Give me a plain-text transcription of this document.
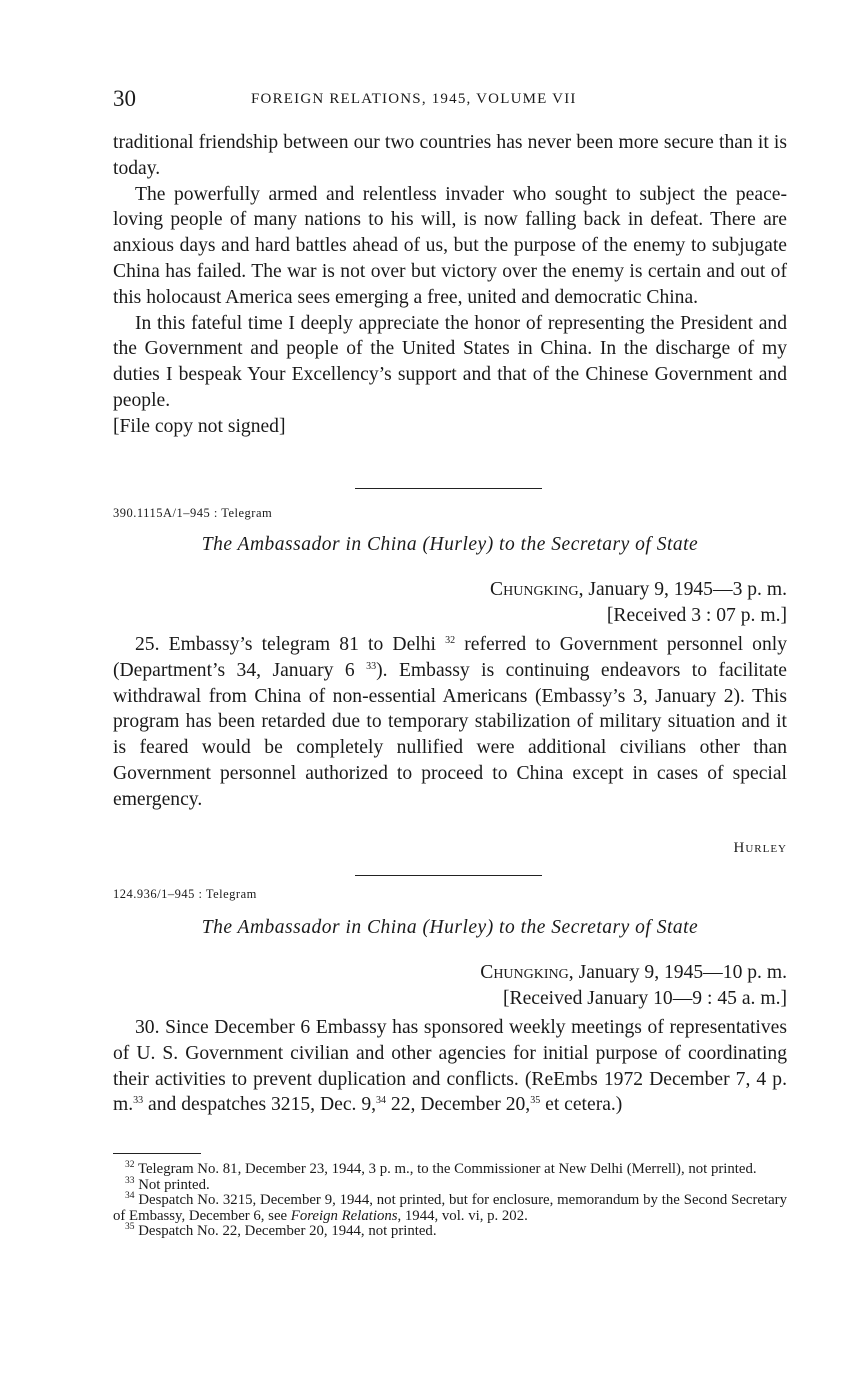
30	FOREIGN RELATIONS, 1945, VOLUME VII

traditional friendship between our two countries has never been more secure than it is today.

The powerfully armed and relentless invader who sought to subject the peace-loving people of many nations to his will, is now falling back in defeat. There are anxious days and hard battles ahead of us, but the purpose of the enemy to subjugate China has failed. The war is not over but victory over the enemy is certain and out of this holocaust America sees emerging a free, united and democratic China.

In this fateful time I deeply appreciate the honor of representing the President and the Government and people of the United States in China. In the discharge of my duties I bespeak Your Excellency’s support and that of the Chinese Government and people.

[File copy not signed]

390.1115A/1–945 : Telegram
The Ambassador in China (Hurley) to the Secretary of State
Chungking, January 9, 1945—3 p. m.
[Received 3 : 07 p. m.]

25. Embassy’s telegram 81 to Delhi $^{32}$ referred to Government personnel only (Department’s 34, January 6 $^{33}$). Embassy is continuing endeavors to facilitate withdrawal from China of non-essential Americans (Embassy’s 3, January 2). This program has been retarded due to temporary stabilization of military situation and it is feared would be completely nullified were additional civilians other than Government personnel authorized to proceed to China except in cases of special emergency.

Hurley
124.936/1–945 : Telegram
The Ambassador in China (Hurley) to the Secretary of State
Chungking, January 9, 1945—10 p. m.
[Received January 10—9 : 45 a. m.]

30. Since December 6 Embassy has sponsored weekly meetings of representatives of U. S. Government civilian and other agencies for initial purpose of coordinating their activities to prevent duplication and conflicts. (ReEmbs 1972 December 7, 4 p. m.$^{33}$ and despatches 3215, Dec. 9,34 22, December 20,35 et cetera.)

$^{32}$ Telegram No. 81, December 23, 1944, 3 p. m., to the Commissioner at New Delhi (Merrell), not printed.

$^{33}$ Not printed.

$^{34}$ Despatch No. 3215, December 9, 1944, not printed, but for enclosure, memorandum by the Second Secretary of Embassy, December 6, see Foreign Relations, 1944, vol. vi, p. 202.

$^{35}$ Despatch No. 22, December 20, 1944, not printed.
